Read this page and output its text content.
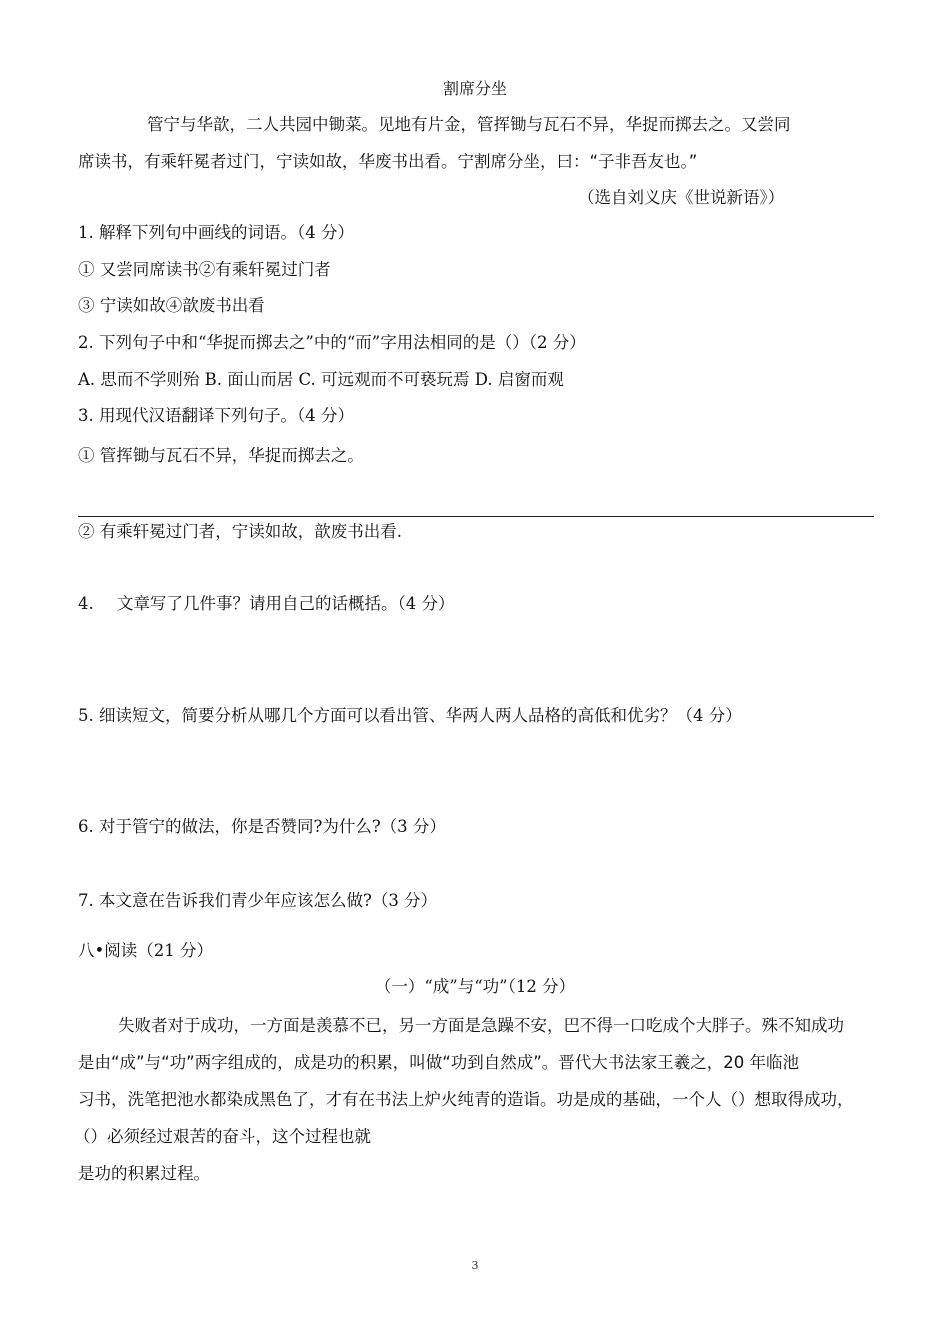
割席分坐
管宁与华歆，二人共园中锄菜。见地有片金，管挥锄与瓦石不异，华捉而掷去之。又尝同
席读书，有乘轩冕者过门，宁读如故，华废书出看。宁割席分坐，曰：“子非吾友也。”
（选自刘义庆《世说新语》）
1. 解释下列句中画线的词语。（4 分）
① 又尝同席读书②有乘轩冕过门者
③ 宁读如故④歆废书出看
2. 下列句子中和“华捉而掷去之”中的“而”字用法相同的是（）（2 分）
A. 思而不学则殆 B. 面山而居 C. 可远观而不可亵玩焉 D. 启窗而观
3. 用现代汉语翻译下列句子。（4 分）
① 管挥锄与瓦石不异，华捉而掷去之。
② 有乘轩冕过门者，宁读如故，歆废书出看.
4. 文章写了几件事？请用自己的话概括。（4 分）
5. 细读短文，简要分析从哪几个方面可以看出管、华两人两人品格的高低和优劣？（4 分）
6. 对于管宁的做法，你是否赞同?为什么?（3 分）
7. 本文意在告诉我们青少年应该怎么做?（3 分）
八•阅读（21 分）
（一）“成”与“功”（12 分）
失败者对于成功，一方面是羡慕不已，另一方面是急躁不安，巴不得一口吃成个大胖子。殊不知成功
是由“成”与“功”两字组成的，成是功的积累，叫做“功到自然成”。晋代大书法家王羲之，20 年临池
习书，洗笔把池水都染成黑色了，才有在书法上炉火纯青的造诣。功是成的基础，一个人（）想取得成功，
（）必须经过艰苦的奋斗，这个过程也就
是功的积累过程。
3
